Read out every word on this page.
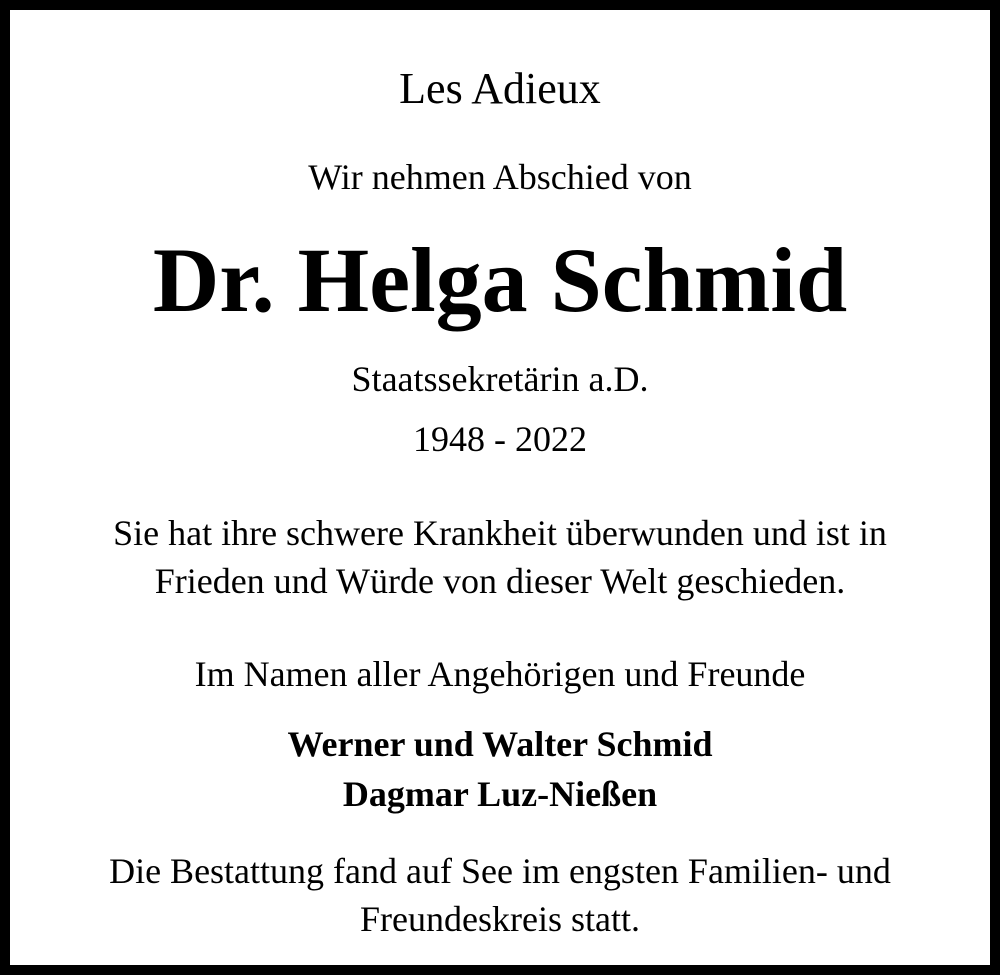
Les Adieux
Wir nehmen Abschied von
Dr. Helga Schmid
Staatssekretärin a.D.
1948 - 2022
Sie hat ihre schwere Krankheit überwunden und ist in
Frieden und Würde von dieser Welt geschieden.
Im Namen aller Angehörigen und Freunde
Werner und Walter Schmid
Dagmar Luz-Nießen
Die Bestattung fand auf See im engsten Familien- und
Freundeskreis statt.
